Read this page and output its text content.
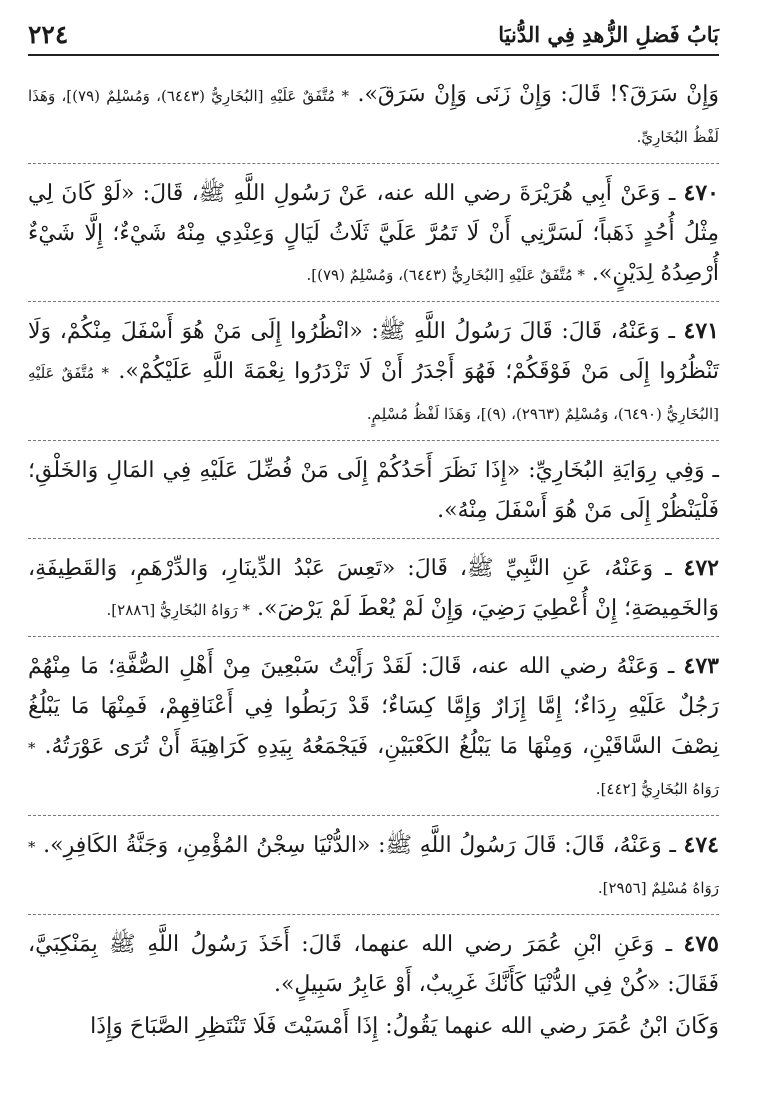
بَابُ فَضلِ الزُّهدِ فِي الدُّنيَا
٢٢٤

وَإِنْ سَرَقَ؟! قَالَ: وَإِنْ زَنَى وَإِنْ سَرَقَ». * مُتَّفَقٌ عَلَيْهِ [البُخَارِيُّ (٦٤٤٣)، وَمُسْلِمٌ (٧٩)]، وَهَذَا لَفْظُ البُخَارِيِّ.

٤٧٠ ـ وَعَنْ أَبِي هُرَيْرَةَ رضي الله عنه، عَنْ رَسُولِ اللَّهِ ﷺ، قَالَ: «لَوْ كَانَ لِي مِثْلُ أُحُدٍ ذَهَباً؛ لَسَرَّنِي أَنْ لَا تَمُرَّ عَلَيَّ ثَلَاثُ لَيَالٍ وَعِنْدِي مِنْهُ شَيْءٌ؛ إِلَّا شَيْءٌ أُرْصِدُهُ لِدَيْنٍ». * مُتَّفَقٌ عَلَيْهِ [البُخَارِيُّ (٦٤٤٣)، وَمُسْلِمٌ (٧٩)].

٤٧١ ـ وَعَنْهُ، قَالَ: قَالَ رَسُولُ اللَّهِ ﷺ: «انْظُرُوا إِلَى مَنْ هُوَ أَسْفَلَ مِنْكُمْ، وَلَا تَنْظُرُوا إِلَى مَنْ فَوْقَكُمْ؛ فَهُوَ أَجْدَرُ أَنْ لَا تَزْدَرُوا نِعْمَةَ اللَّهِ عَلَيْكُمْ». * مُتَّفَقٌ عَلَيْهِ [البُخَارِيُّ (٦٤٩٠)، وَمُسْلِمٌ (٢٩٦٣)، (٩)]، وَهَذَا لَفْظُ مُسْلِمٍ.

ـ وَفِي رِوَايَةِ البُخَارِيِّ: «إِذَا نَظَرَ أَحَدُكُمْ إِلَى مَنْ فُضِّلَ عَلَيْهِ فِي المَالِ وَالخَلْقِ؛ فَلْيَنْظُرْ إِلَى مَنْ هُوَ أَسْفَلَ مِنْهُ».

٤٧٢ ـ وَعَنْهُ، عَنِ النَّبِيِّ ﷺ، قَالَ: «تَعِسَ عَبْدُ الدِّينَارِ، وَالدِّرْهَمِ، وَالقَطِيفَةِ، وَالخَمِيصَةِ؛ إِنْ أُعْطِيَ رَضِيَ، وَإِنْ لَمْ يُعْطَ لَمْ يَرْضَ». * رَوَاهُ البُخَارِيُّ [٢٨٨٦].

٤٧٣ ـ وَعَنْهُ رضي الله عنه، قَالَ: لَقَدْ رَأَيْتُ سَبْعِينَ مِنْ أَهْلِ الصُّفَّةِ؛ مَا مِنْهُمْ رَجُلٌ عَلَيْهِ رِدَاءٌ؛ إِمَّا إِزَارٌ وَإِمَّا كِسَاءٌ؛ قَدْ رَبَطُوا فِي أَعْنَاقِهِمْ، فَمِنْهَا مَا يَبْلُغُ نِصْفَ السَّاقَيْنِ، وَمِنْهَا مَا يَبْلُغُ الكَعْبَيْنِ، فَيَجْمَعُهُ بِيَدِهِ كَرَاهِيَةَ أَنْ تُرَى عَوْرَتُهُ. * رَوَاهُ البُخَارِيُّ [٤٤٢].

٤٧٤ ـ وَعَنْهُ، قَالَ: قَالَ رَسُولُ اللَّهِ ﷺ: «الدُّنْيَا سِجْنُ المُؤْمِنِ، وَجَنَّةُ الكَافِرِ». * رَوَاهُ مُسْلِمٌ [٢٩٥٦].

٤٧٥ ـ وَعَنِ ابْنِ عُمَرَ رضي الله عنهما، قَالَ: أَخَذَ رَسُولُ اللَّهِ ﷺ بِمَنْكِبَيَّ، فَقَالَ: «كُنْ فِي الدُّنْيَا كَأَنَّكَ غَرِيبٌ، أَوْ عَابِرُ سَبِيلٍ».

وَكَانَ ابْنُ عُمَرَ رضي الله عنهما يَقُولُ: إِذَا أَمْسَيْتَ فَلَا تَنْتَظِرِ الصَّبَاحَ وَإِذَا
